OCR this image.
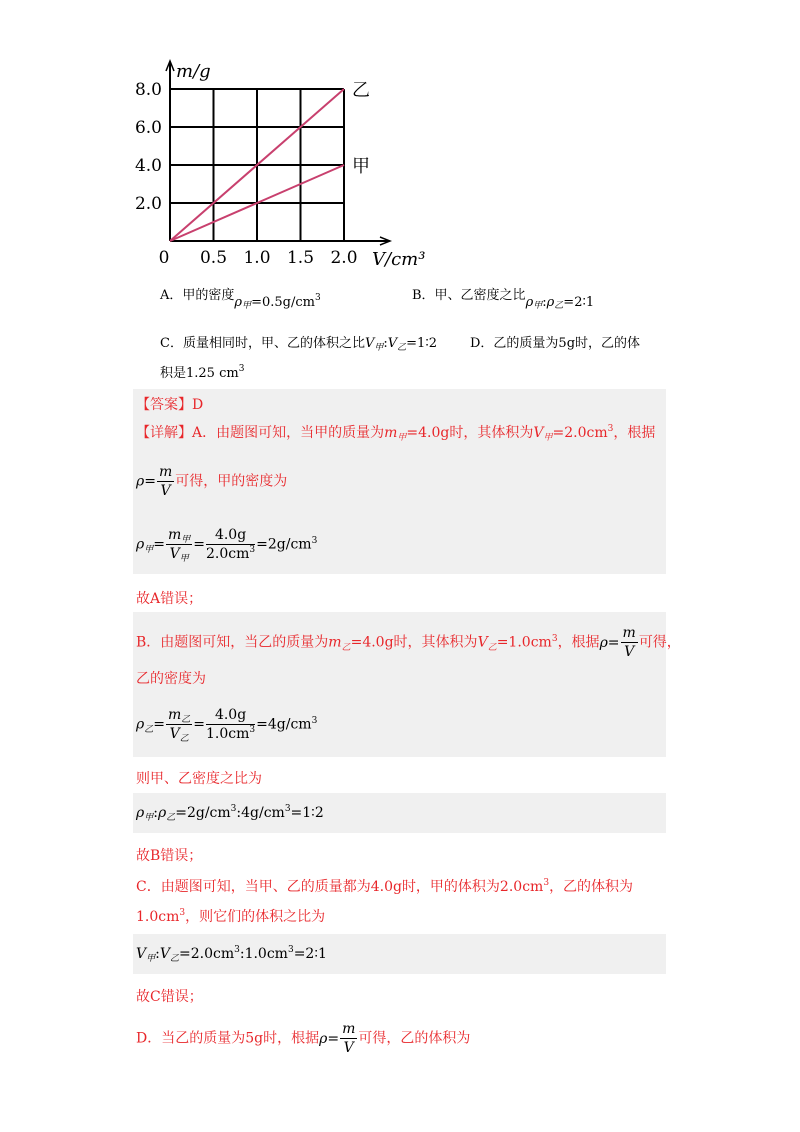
乙
甲
0.5 1.0 1.5 2.0
2.0
4.0
6.0
8.0
0
m/g
V/cm³
A．甲的密度$\rho_甲=0.5g/cm3$	B．甲、乙密度之比$\rho_甲:\rho_乙=2∶1$
C．质量相同时，甲、乙的体积之比$V_甲:V_乙=1∶2$	D．乙的质量为5g时，乙的体
积是1.25 $cm^3$
【答案】D
【详解】A．由题图可知，当甲的质量为$m_甲=4.0g$时，其体积为$V_甲=2.0cm^3$，根据
$\rho= \frac{m}{V}$ 可得，甲的密度为
$\rho_甲= \frac{m_甲}{V_甲} = \frac{4.0g}{2.0cm^3} =2g/cm^3$
故A错误；
B．由题图可知，当乙的质量为$m_乙=4.0g$时，其体积为$V_乙=1.0cm^3$，根据$\rho= \frac{m}{V}$ 可得，
乙的密度为
$\rho_乙= \frac{m_乙}{V_乙} = \frac{4.0g}{1.0cm^3} =4g/cm^3$
则甲、乙密度之比为
$\rho_甲:\rho_乙=2g/cm^3:4g/cm^3=1∶2$
故B错误；
C．由题图可知，当甲、乙的质量都为4.0g时，甲的体积为$2.0cm^3$，乙的体积为
$1.0cm^3$，则它们的体积之比为
$V_甲:V_乙=2.0cm^3:1.0cm^3=2∶1$
故C错误；
D．当乙的质量为5g时，根据$\rho= \frac{m}{V}$ 可得，乙的体积为
